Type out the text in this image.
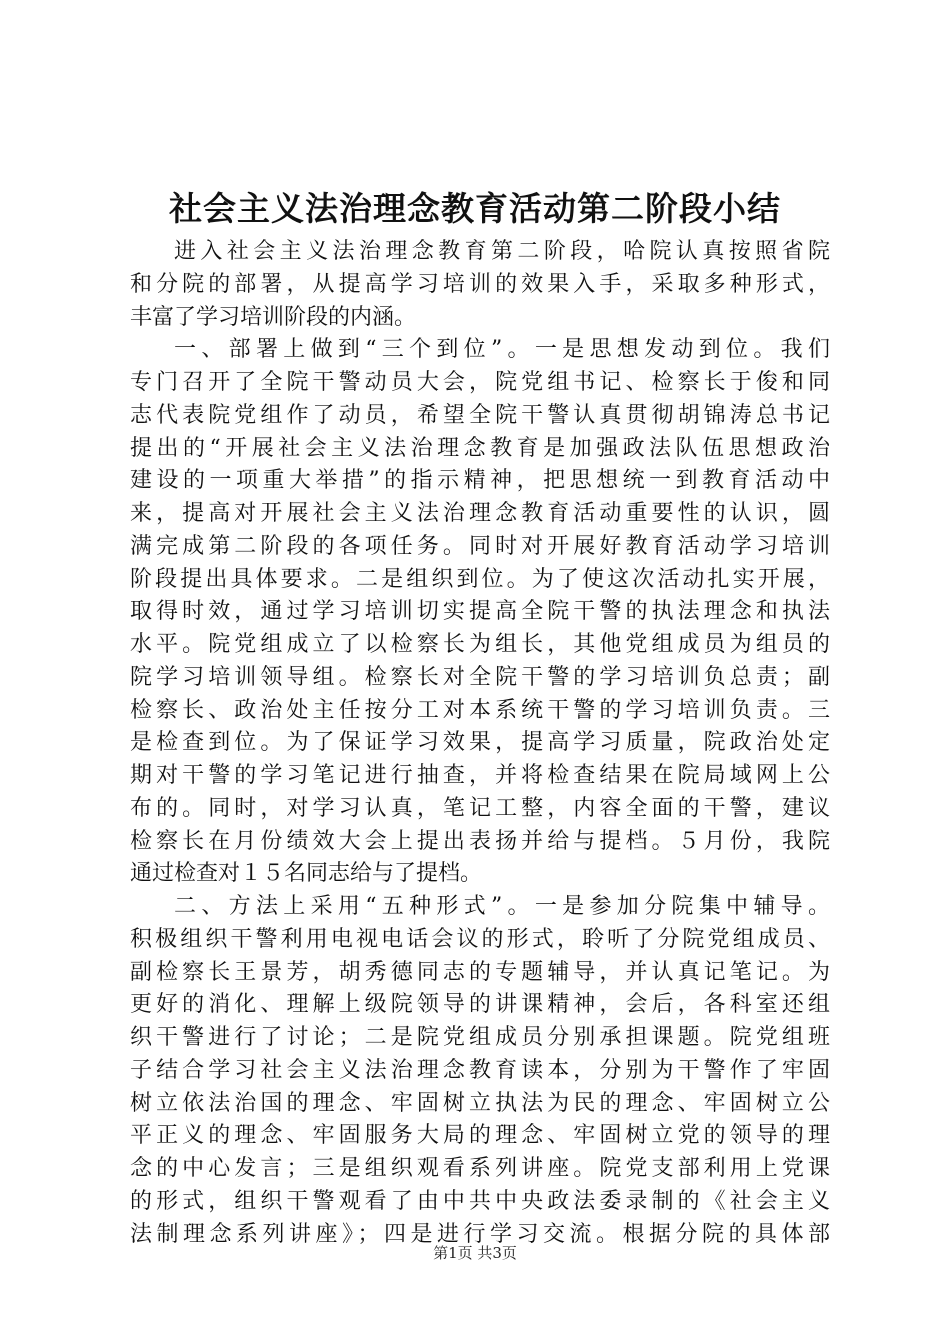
社会主义法治理念教育活动第二阶段小结
进入社会主义法治理念教育第二阶段，哈院认真按照省院
和分院的部署，从提高学习培训的效果入手，采取多种形式，
丰富了学习培训阶段的内涵。
一、部署上做到“三个到位”。一是思想发动到位。我们
专门召开了全院干警动员大会，院党组书记、检察长于俊和同
志代表院党组作了动员，希望全院干警认真贯彻胡锦涛总书记
提出的“开展社会主义法治理念教育是加强政法队伍思想政治
建设的一项重大举措”的指示精神，把思想统一到教育活动中
来，提高对开展社会主义法治理念教育活动重要性的认识，圆
满完成第二阶段的各项任务。同时对开展好教育活动学习培训
阶段提出具体要求。二是组织到位。为了使这次活动扎实开展，
取得时效，通过学习培训切实提高全院干警的执法理念和执法
水平。院党组成立了以检察长为组长，其他党组成员为组员的
院学习培训领导组。检察长对全院干警的学习培训负总责；副
检察长、政治处主任按分工对本系统干警的学习培训负责。三
是检查到位。为了保证学习效果，提高学习质量，院政治处定
期对干警的学习笔记进行抽查，并将检查结果在院局域网上公
布的。同时，对学习认真，笔记工整，内容全面的干警，建议
检察长在月份绩效大会上提出表扬并给与提档。５月份，我院
通过检查对１５名同志给与了提档。
二、方法上采用“五种形式”。一是参加分院集中辅导。
积极组织干警利用电视电话会议的形式，聆听了分院党组成员、
副检察长王景芳，胡秀德同志的专题辅导，并认真记笔记。为
更好的消化、理解上级院领导的讲课精神，会后，各科室还组
织干警进行了讨论；二是院党组成员分别承担课题。院党组班
子结合学习社会主义法治理念教育读本，分别为干警作了牢固
树立依法治国的理念、牢固树立执法为民的理念、牢固树立公
平正义的理念、牢固服务大局的理念、牢固树立党的领导的理
念的中心发言；三是组织观看系列讲座。院党支部利用上党课
的形式，组织干警观看了由中共中央政法委录制的《社会主义
法制理念系列讲座》；四是进行学习交流。根据分院的具体部
第1页 共3页
